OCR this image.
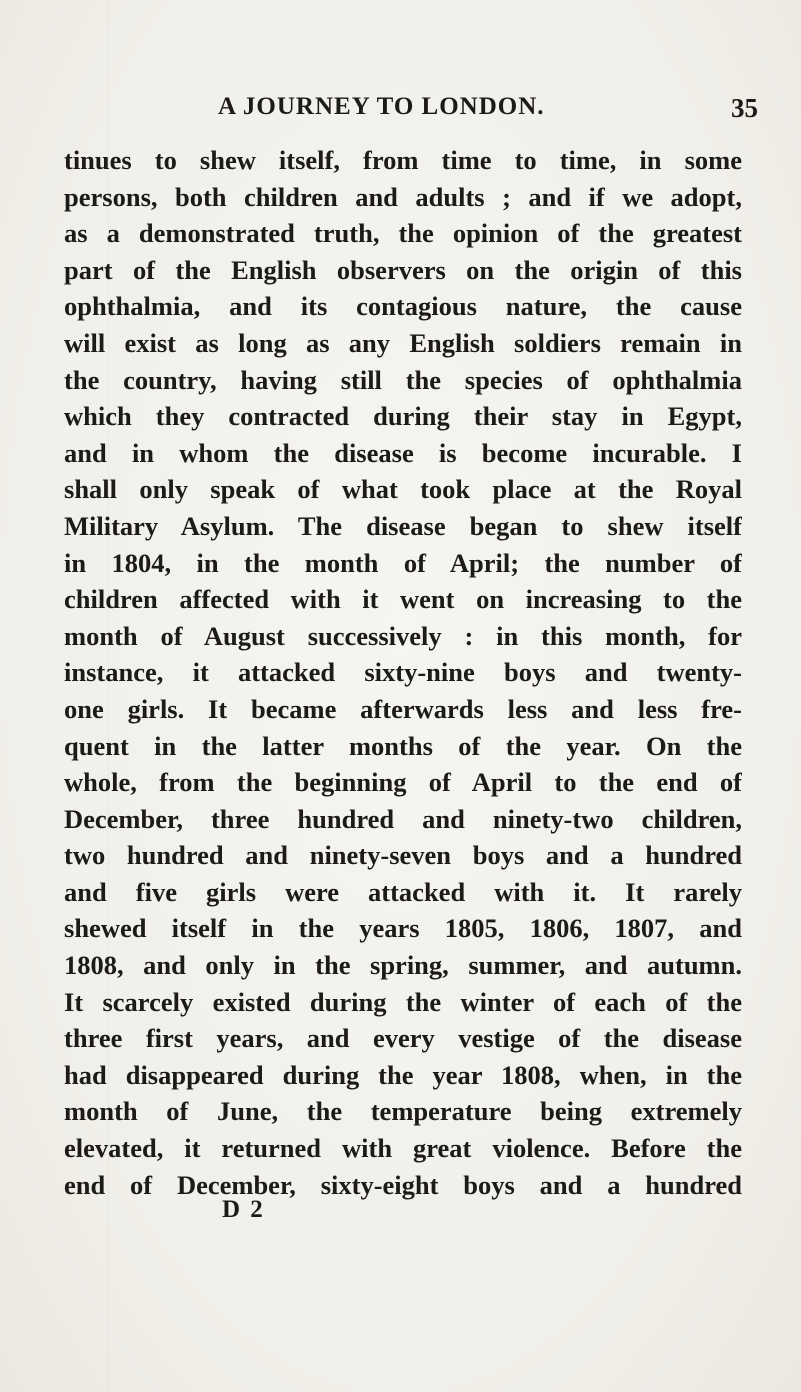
A JOURNEY TO LONDON.	35
tinues to shew itself, from time to time, in some
persons, both children and adults ; and if we adopt,
as a demonstrated truth, the opinion of the greatest
part of the English observers on the origin of this
ophthalmia, and its contagious nature, the cause
will exist as long as any English soldiers remain in
the country, having still the species of ophthalmia
which they contracted during their stay in Egypt,
and in whom the disease is become incurable. I
shall only speak of what took place at the Royal
Military Asylum. The disease began to shew itself
in 1804, in the month of April; the number of
children affected with it went on increasing to the
month of August successively : in this month, for
instance, it attacked sixty-nine boys and twenty-
one girls. It became afterwards less and less fre-
quent in the latter months of the year. On the
whole, from the beginning of April to the end of
December, three hundred and ninety-two children,
two hundred and ninety-seven boys and a hundred
and five girls were attacked with it. It rarely
shewed itself in the years 1805, 1806, 1807, and
1808, and only in the spring, summer, and autumn.
It scarcely existed during the winter of each of the
three first years, and every vestige of the disease
had disappeared during the year 1808, when, in the
month of June, the temperature being extremely
elevated, it returned with great violence. Before the
end of December, sixty-eight boys and a hundred
D 2
